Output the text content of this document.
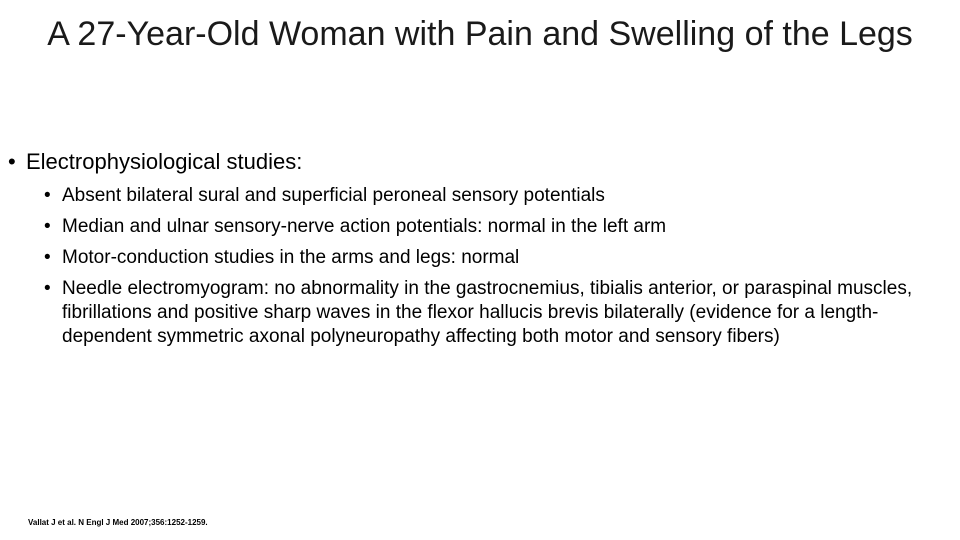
A 27-Year-Old Woman with Pain and Swelling of the Legs
• Electrophysiological studies:
• Absent bilateral sural and superficial peroneal sensory potentials
• Median and ulnar sensory-nerve action potentials: normal in the left arm
• Motor-conduction studies in the arms and legs: normal
• Needle electromyogram: no abnormality in the gastrocnemius, tibialis anterior, or paraspinal muscles, fibrillations and positive sharp waves in the flexor hallucis brevis bilaterally (evidence for a length-dependent symmetric axonal polyneuropathy affecting both motor and sensory fibers)
Vallat J et al. N Engl J Med 2007;356:1252-1259.
